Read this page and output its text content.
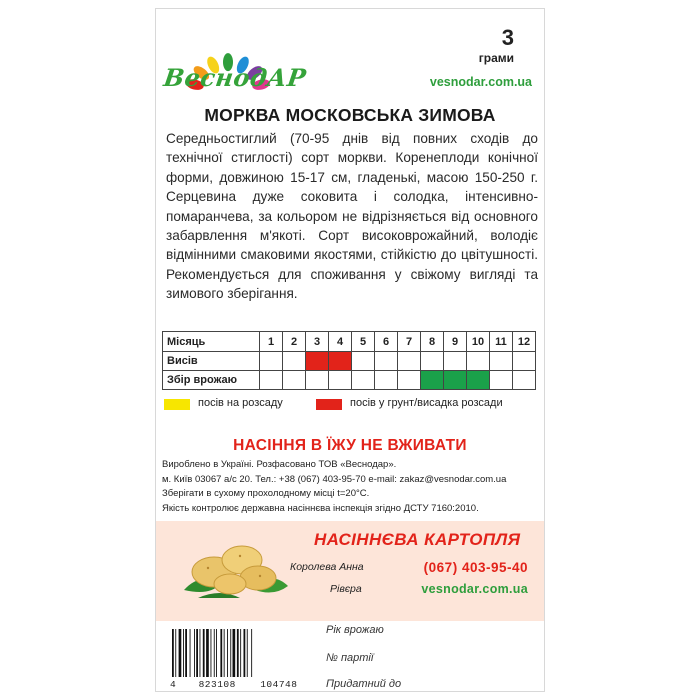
ВеснодАР
3
грами
vesnodar.com.ua
МОРКВА МОСКОВСЬКА ЗИМОВА
Середньостиглий (70-95 днів від повних сходів до технічної стиглості) сорт моркви. Коренеплоди конічної форми, довжиною 15-17 см, гладенькі, масою 150-250 г. Серцевина дуже соковита і солодка, інтенсивно-помаранчева, за кольором не відрізняється від основного забарвлення м'якоті. Сорт високоврожайний, володіє відмінними смаковими якостями, стійкістю до цвітушності. Рекомендується для споживання у свіжому вигляді та зимового зберігання.
Місяць	1	2	3	4	5	6	7	8	9	10	11	12
Висів												
Збір врожаю												
посів на розсаду	посів у грунт/висадка розсади
НАСІННЯ В ЇЖУ НЕ ВЖИВАТИ
Вироблено в Україні. Розфасовано ТОВ «Веснодар».
м. Київ 03067 а/с 20. Тел.: +38 (067) 403-95-70 e-mail: zakaz@vesnodar.com.ua
Зберігати в сухому прохолодному місці t=20°C.
Якість контролює державна насіннєва інспекція згідно ДСТУ 7160:2010.
НАСІННЄВА КАРТОПЛЯ
Королева Анна
Рівєра
(067) 403-95-40
vesnodar.com.ua
4 823108	104748
Рік врожаю
№ партії
Придатний до
